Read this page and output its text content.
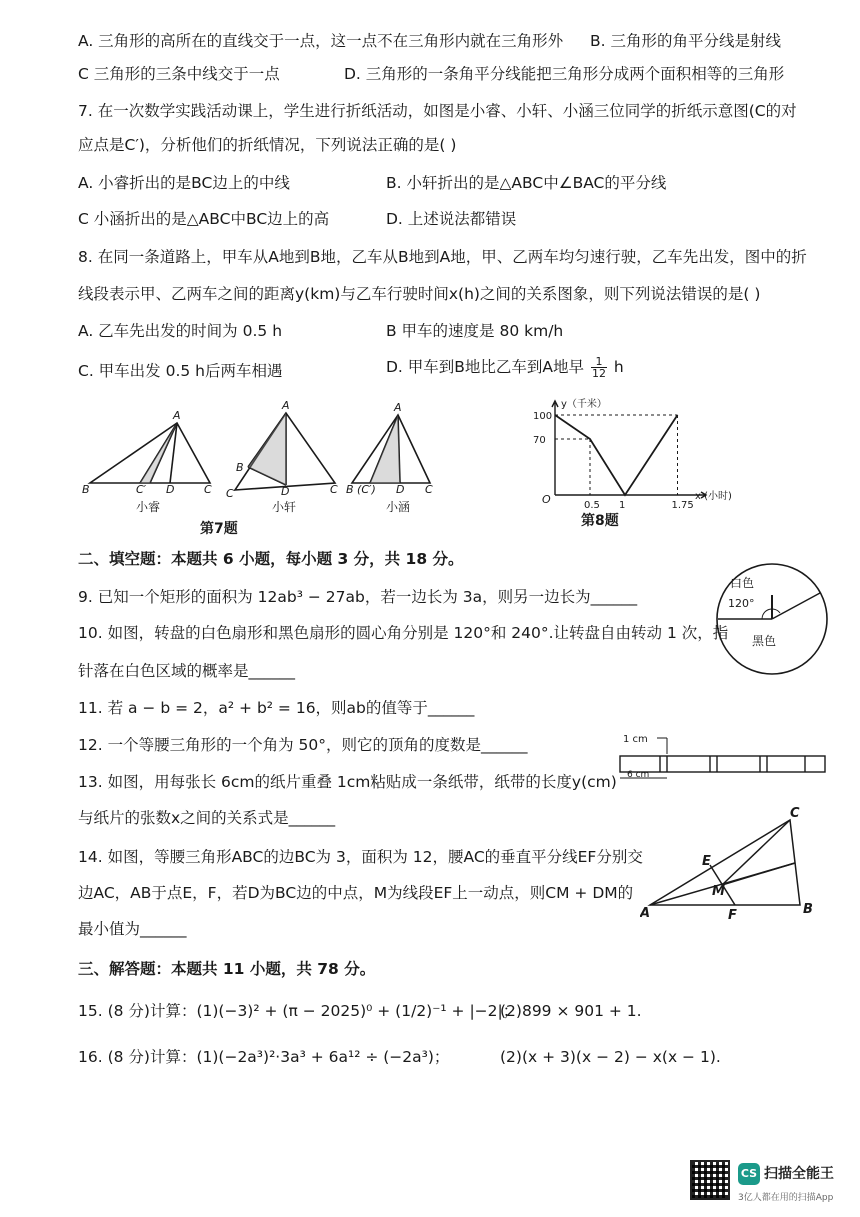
A. 三角形的高所在的直线交于一点，这一点不在三角形内就在三角形外 B. 三角形的角平分线是射线
C 三角形的三条中线交于一点	D. 三角形的一条角平分线能把三角形分成两个面积相等的三角形
7. 在一次数学实践活动课上，学生进行折纸活动，如图是小睿、小轩、小涵三位同学的折纸示意图(C的对
应点是C′)，分析他们的折纸情况，下列说法正确的是( )
A. 小睿折出的是BC边上的中线	B. 小轩折出的是△ABC中∠BAC的平分线
C 小涵折出的是△ABC中BC边上的高	D. 上述说法都错误
8. 在同一条道路上，甲车从A地到B地，乙车从B地到A地，甲、乙两车均匀速行驶，乙车先出发，图中的折
线段表示甲、乙两车之间的距离y(km)与乙车行驶时间x(h)之间的关系图象，则下列说法错误的是( )
A. 乙车先出发的时间为 0.5 h	B 甲车的速度是 80 km/h
C. 甲车出发 0.5 h后两车相遇	D. 甲车到B地比乙车到A地早 $\frac{1}{12}$ h
A
B	C′ D	C
A
B
C′	D	C
A
B (C′) D C
小睿	小轩	小涵
第7题
0.5 1	1.75
70
100
y（千米）
x (小时)
O
第8题
二、填空题：本题共 6 小题，每小题 3 分，共 18 分。
9. 已知一个矩形的面积为 12ab³ − 27ab，若一边长为 3a，则另一边长为______
白色
120°
黑色
10. 如图，转盘的白色扇形和黑色扇形的圆心角分别是 120°和 240°.让转盘自由转动 1 次，指
针落在白色区域的概率是______
11. 若 a − b = 2，a² + b² = 16，则ab的值等于______
12. 一个等腰三角形的一个角为 50°，则它的顶角的度数是______	1 cm
6 cm
13. 如图，用每张长 6cm的纸片重叠 1cm粘贴成一条纸带，纸带的长度y(cm)
与纸片的张数x之间的关系式是______
14. 如图，等腰三角形ABC的边BC为 3，面积为 12，腰AC的垂直平分线EF分别交
边AC，AB于点E，F，若D为BC边的中点，M为线段EF上一动点，则CM + DM的
最小值为______
A	B
C
E
F
M
三、解答题：本题共 11 小题，共 78 分。
15. (8 分)计算：(1)(−3)² + (π − 2025)⁰ + (1/2)⁻¹ + |−2|；
(2)899 × 901 + 1.
16. (8 分)计算：(1)(−2a³)²·3a³ + 6a¹² ÷ (−2a³)；	(2)(x + 3)(x − 2) − x(x − 1).
CS 扫描全能王
3亿人都在用的扫描App
